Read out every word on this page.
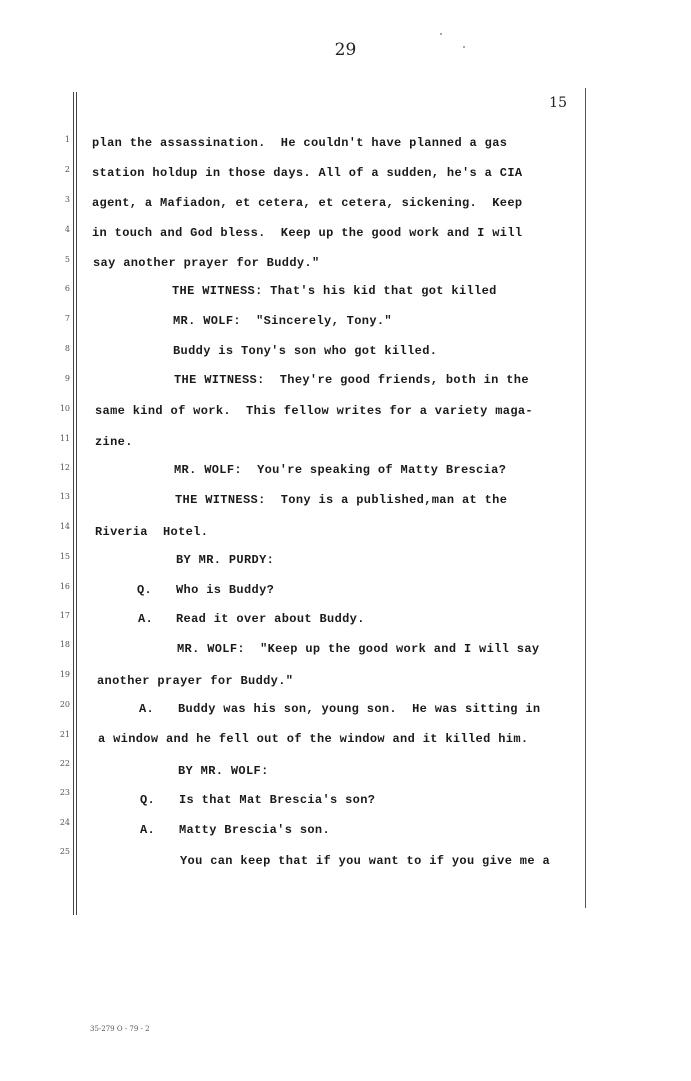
29
15
1
2
3
4
5
6
7
8
9
10
11
12
13
14
15
16
17
18
19
20
21
22
23
24
25
plan the assassination.  He couldn't have planned a gas
station holdup in those days. All of a sudden, he's a CIA
agent, a Mafiadon, et cetera, et cetera, sickening.  Keep
in touch and God bless.  Keep up the good work and I will
say another prayer for Buddy."
THE WITNESS: That's his kid that got killed
MR. WOLF:  "Sincerely, Tony."
Buddy is Tony's son who got killed.
THE WITNESS:  They're good friends, both in the
same kind of work.  This fellow writes for a variety maga-
zine.
MR. WOLF:  You're speaking of Matty Brescia?
THE WITNESS:  Tony is a published,man at the
Riveria  Hotel.
BY MR. PURDY:
Q. Who is Buddy?
A. Read it over about Buddy.
MR. WOLF:  "Keep up the good work and I will say
another prayer for Buddy."
A. Buddy was his son, young son.  He was sitting in
a window and he fell out of the window and it killed him.
BY MR. WOLF:
Q. Is that Mat Brescia's son?
A. Matty Brescia's son.
You can keep that if you want to if you give me a
35-279 O - 79 - 2
